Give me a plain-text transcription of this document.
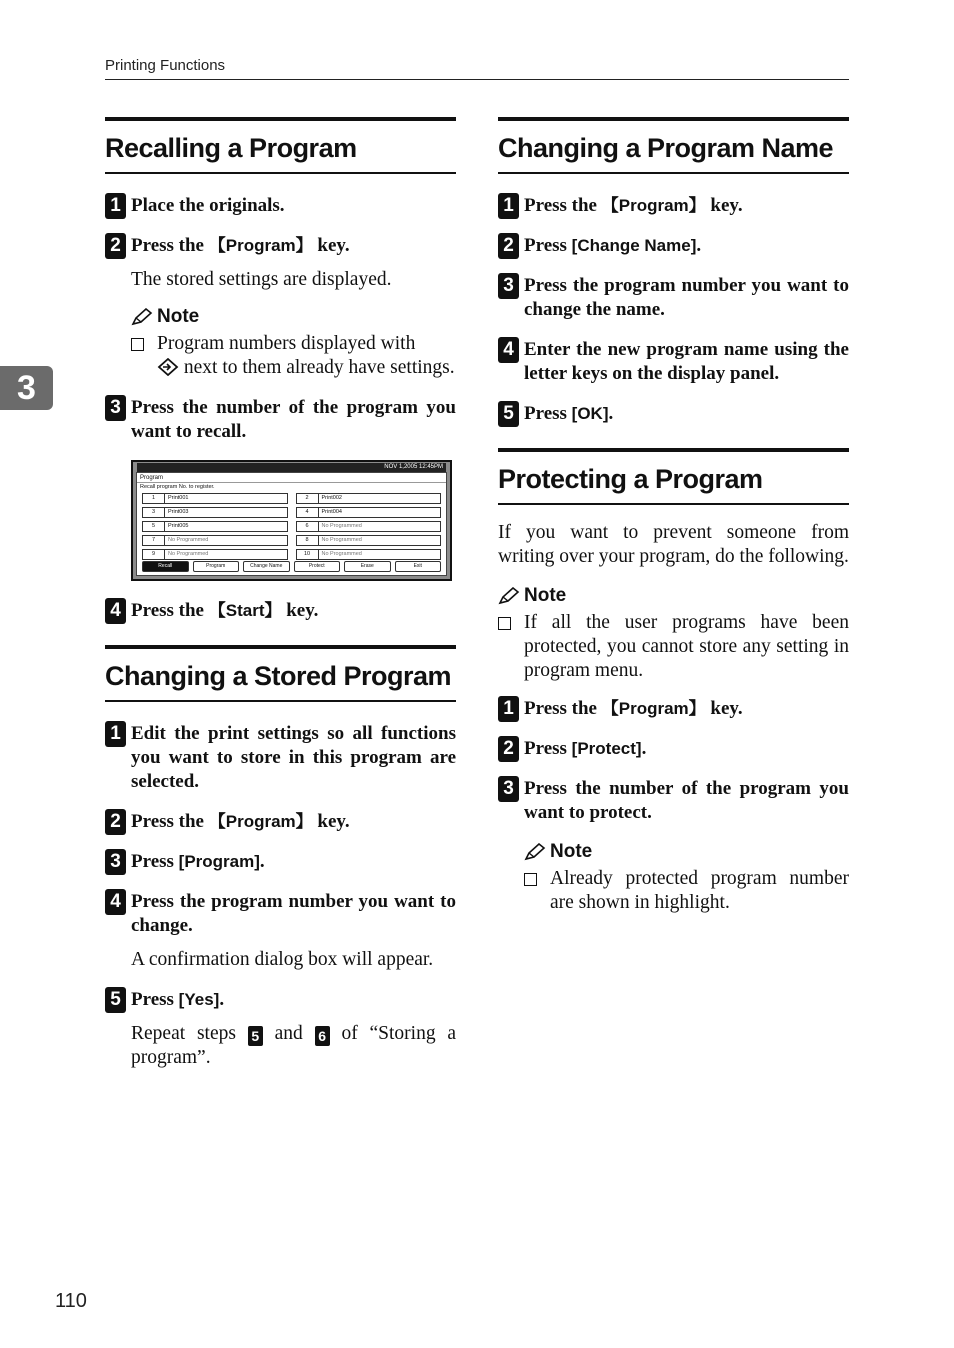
Printing Functions
3
110
Recalling a Program
1 Place the originals.
2 Press the 【Program】 key.
The stored settings are displayed.
Note
Program numbers displayed with
next to them already have settings.
3 Press the number of the program you want to recall.
NOV 1,2005 12:45PM
Program
Recall program No. to register.
1	Print001	2	Print002
3	Print003	4	Print004
5	Print005	6	No Programmed
7	No Programmed	8	No Programmed
9	No Programmed	10	No Programmed
Recall	Program	Change Name	Protect	Erase	Exit
4 Press the 【Start】 key.
Changing a Stored Program
1 Edit the print settings so all functions you want to store in this program are selected.
2 Press the 【Program】 key.
3 Press [Program].
4 Press the program number you want to change.
A confirmation dialog box will appear.
5 Press [Yes].
Repeat steps 5 and 6 of “Storing a program”.
Changing a Program Name
1 Press the 【Program】 key.
2 Press [Change Name].
3 Press the program number you want to change the name.
4 Enter the new program name using the letter keys on the display panel.
5 Press [OK].
Protecting a Program
If you want to prevent someone from writing over your program, do the following.
Note
If all the user programs have been protected, you cannot store any setting in program menu.
1 Press the 【Program】 key.
2 Press [Protect].
3 Press the number of the program you want to protect.
Note
Already protected program number are shown in highlight.
